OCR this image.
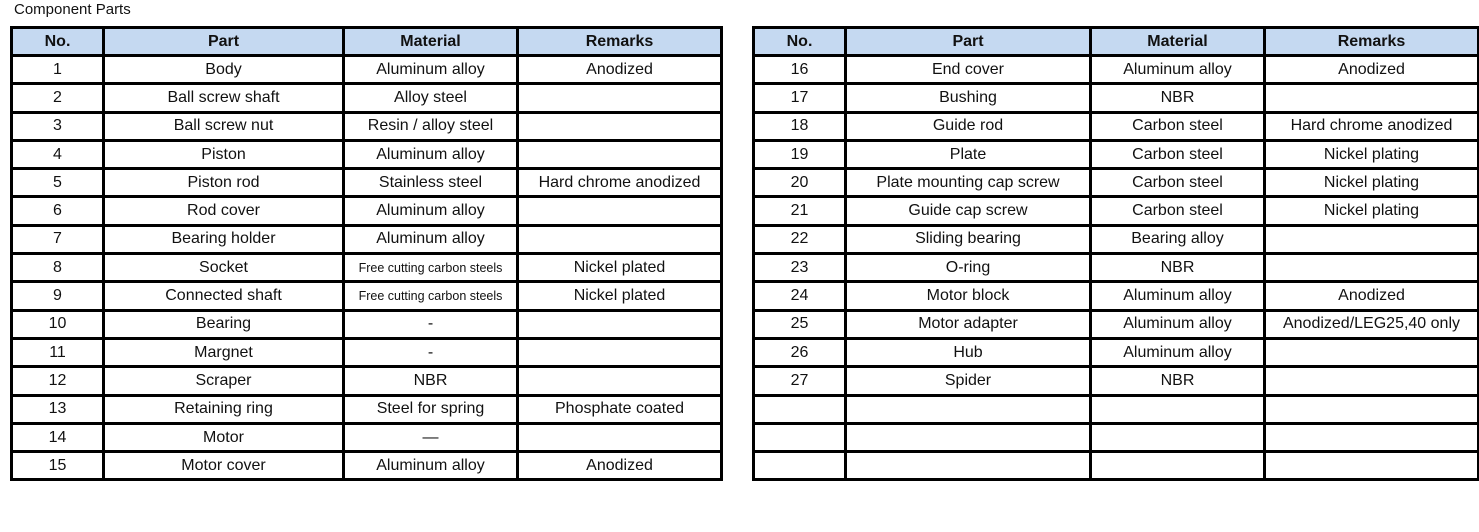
Component Parts
No.	Part	Material	Remarks
1	Body	Aluminum alloy	Anodized
2	Ball screw shaft	Alloy steel	
3	Ball screw nut	Resin / alloy steel	
4	Piston	Aluminum alloy	
5	Piston rod	Stainless steel	Hard chrome anodized
6	Rod cover	Aluminum alloy	
7	Bearing holder	Aluminum alloy	
8	Socket	Free cutting carbon steels	Nickel plated
9	Connected shaft	Free cutting carbon steels	Nickel plated
10	Bearing	-	
11	Margnet	-	
12	Scraper	NBR	
13	Retaining ring	Steel for spring	Phosphate coated
14	Motor	—	
15	Motor cover	Aluminum alloy	Anodized
No.	Part	Material	Remarks
16	End cover	Aluminum alloy	Anodized
17	Bushing	NBR	
18	Guide rod	Carbon steel	Hard chrome anodized
19	Plate	Carbon steel	Nickel plating
20	Plate mounting cap screw	Carbon steel	Nickel plating
21	Guide cap screw	Carbon steel	Nickel plating
22	Sliding bearing	Bearing alloy	
23	O-ring	NBR	
24	Motor block	Aluminum alloy	Anodized
25	Motor adapter	Aluminum alloy	Anodized/LEG25,40 only
26	Hub	Aluminum alloy	
27	Spider	NBR	
